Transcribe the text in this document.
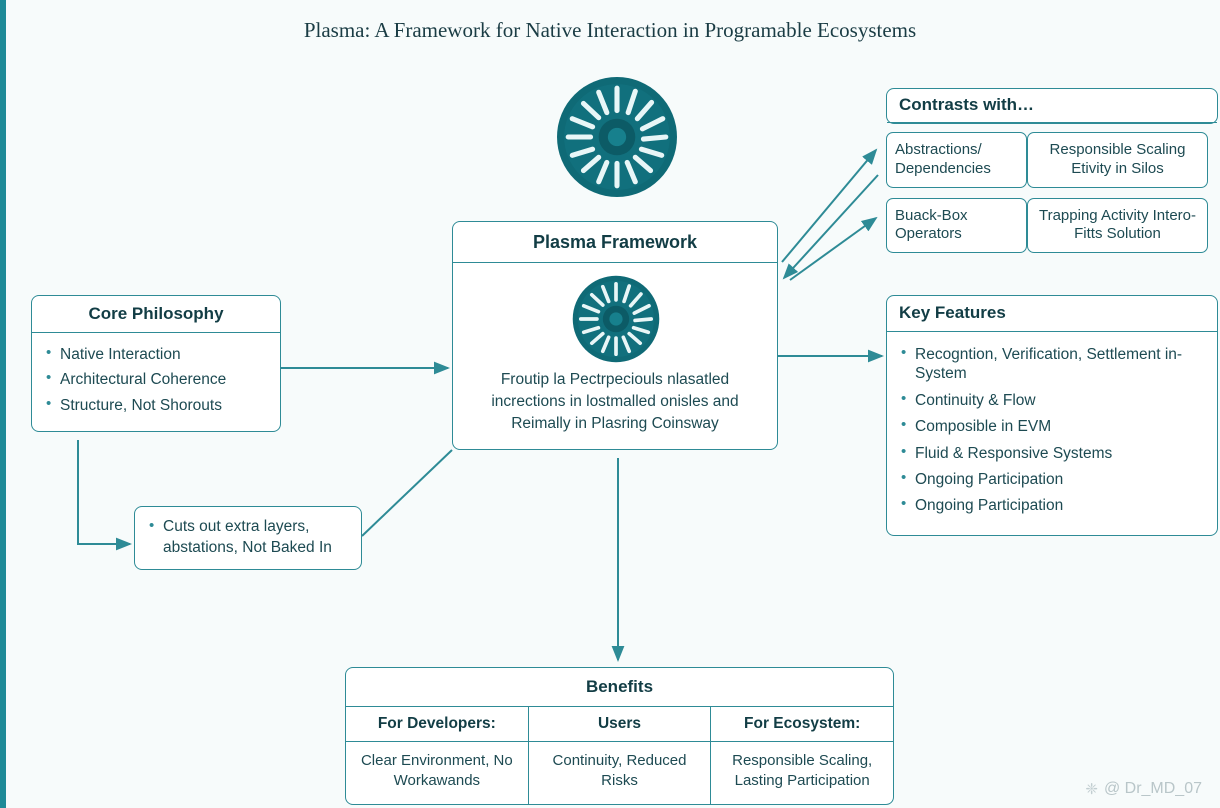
Plasma: A Framework for Native Interaction in Programable Ecosystems
Core Philosophy
• Native Interaction
• Architectural Coherence
• Structure, Not Shorouts
• Cuts out extra layers, abstations, Not Baked In
Plasma Framework
Froutip la Pectrpeciouls nlasatled incrections in lostmalled onisles and Reimally in Plasring Coinsway
Contrasts with…
Abstractions/ Dependencies
Responsible Scaling Etivity in Silos
Buack-Box Operators
Trapping Activity Intero-Fitts Solution
Key Features
• Recogntion, Verification, Settlement in-System
• Continuity & Flow
• Composible in EVM
• Fluid & Responsive Systems
• Ongoing Participation
• Ongoing Participation
Benefits
For Developers:
Clear Environment, No Workawands
Users
Continuity, Reduced Risks
For Ecosystem:
Responsible Scaling, Lasting Participation
❈ @ Dr_MD_07
